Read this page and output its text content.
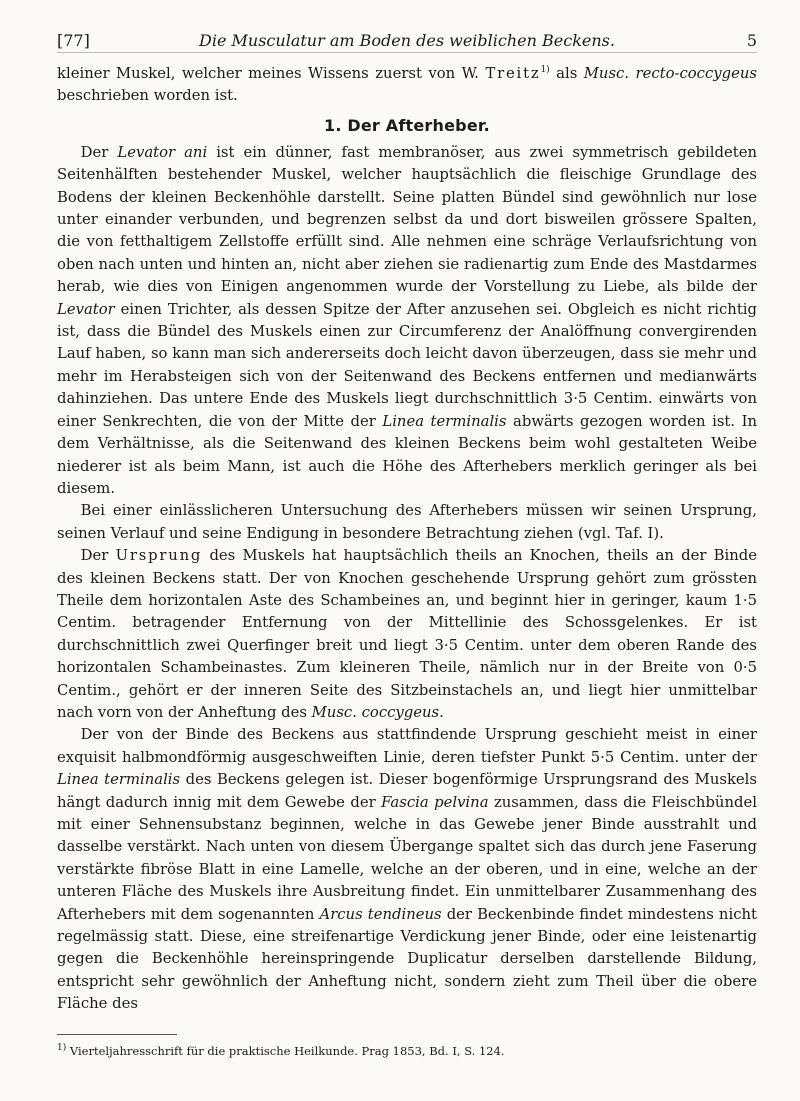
[77]	Die Musculatur am Boden des weiblichen Beckens.	5

kleiner Muskel, welcher meines Wissens zuerst von W. Treitz$^{1)}$ als Musc. recto-coccygeus beschrieben worden ist.

1. Der Afterheber.

Der Levator ani ist ein dünner, fast membranöser, aus zwei symmetrisch gebildeten Seitenhälften bestehender Muskel, welcher hauptsächlich die fleischige Grundlage des Bodens der kleinen Beckenhöhle darstellt. Seine platten Bündel sind gewöhnlich nur lose unter einander verbunden, und begrenzen selbst da und dort bisweilen grössere Spalten, die von fetthaltigem Zellstoffe erfüllt sind. Alle nehmen eine schräge Verlaufsrichtung von oben nach unten und hinten an, nicht aber ziehen sie radienartig zum Ende des Mastdarmes herab, wie dies von Einigen angenommen wurde der Vorstellung zu Liebe, als bilde der Levator einen Trichter, als dessen Spitze der After anzusehen sei. Obgleich es nicht richtig ist, dass die Bündel des Muskels einen zur Circumferenz der Analöffnung convergirenden Lauf haben, so kann man sich andererseits doch leicht davon überzeugen, dass sie mehr und mehr im Herabsteigen sich von der Seitenwand des Beckens entfernen und medianwärts dahinziehen. Das untere Ende des Muskels liegt durchschnittlich 3·5 Centim. einwärts von einer Senkrechten, die von der Mitte der Linea terminalis abwärts gezogen worden ist. In dem Verhältnisse, als die Seitenwand des kleinen Beckens beim wohl gestalteten Weibe niederer ist als beim Mann, ist auch die Höhe des Afterhebers merklich geringer als bei diesem.

Bei einer einlässlicheren Untersuchung des Afterhebers müssen wir seinen Ursprung, seinen Verlauf und seine Endigung in besondere Betrachtung ziehen (vgl. Taf. I).

Der Ursprung des Muskels hat hauptsächlich theils an Knochen, theils an der Binde des kleinen Beckens statt. Der von Knochen geschehende Ursprung gehört zum grössten Theile dem horizontalen Aste des Schambeines an, und beginnt hier in geringer, kaum 1·5 Centim. betragender Entfernung von der Mittellinie des Schossgelenkes. Er ist durchschnittlich zwei Querfinger breit und liegt 3·5 Centim. unter dem oberen Rande des horizontalen Schambeinastes. Zum kleineren Theile, nämlich nur in der Breite von 0·5 Centim., gehört er der inneren Seite des Sitzbeinstachels an, und liegt hier unmittelbar nach vorn von der Anheftung des Musc. coccygeus.

Der von der Binde des Beckens aus stattfindende Ursprung geschieht meist in einer exquisit halbmondförmig ausgeschweiften Linie, deren tiefster Punkt 5·5 Centim. unter der Linea terminalis des Beckens gelegen ist. Dieser bogenförmige Ursprungsrand des Muskels hängt dadurch innig mit dem Gewebe der Fascia pelvina zusammen, dass die Fleischbündel mit einer Sehnensubstanz beginnen, welche in das Gewebe jener Binde ausstrahlt und dasselbe verstärkt. Nach unten von diesem Übergange spaltet sich das durch jene Faserung verstärkte fibröse Blatt in eine Lamelle, welche an der oberen, und in eine, welche an der unteren Fläche des Muskels ihre Ausbreitung findet. Ein unmittelbarer Zusammenhang des Afterhebers mit dem sogenannten Arcus tendineus der Beckenbinde findet mindestens nicht regelmässig statt. Diese, eine streifenartige Verdickung jener Binde, oder eine leistenartig gegen die Beckenhöhle hereinspringende Duplicatur derselben darstellende Bildung, entspricht sehr gewöhnlich der Anheftung nicht, sondern zieht zum Theil über die obere Fläche des

$^{1)}$ Vierteljahresschrift für die praktische Heilkunde. Prag 1853, Bd. I, S. 124.
